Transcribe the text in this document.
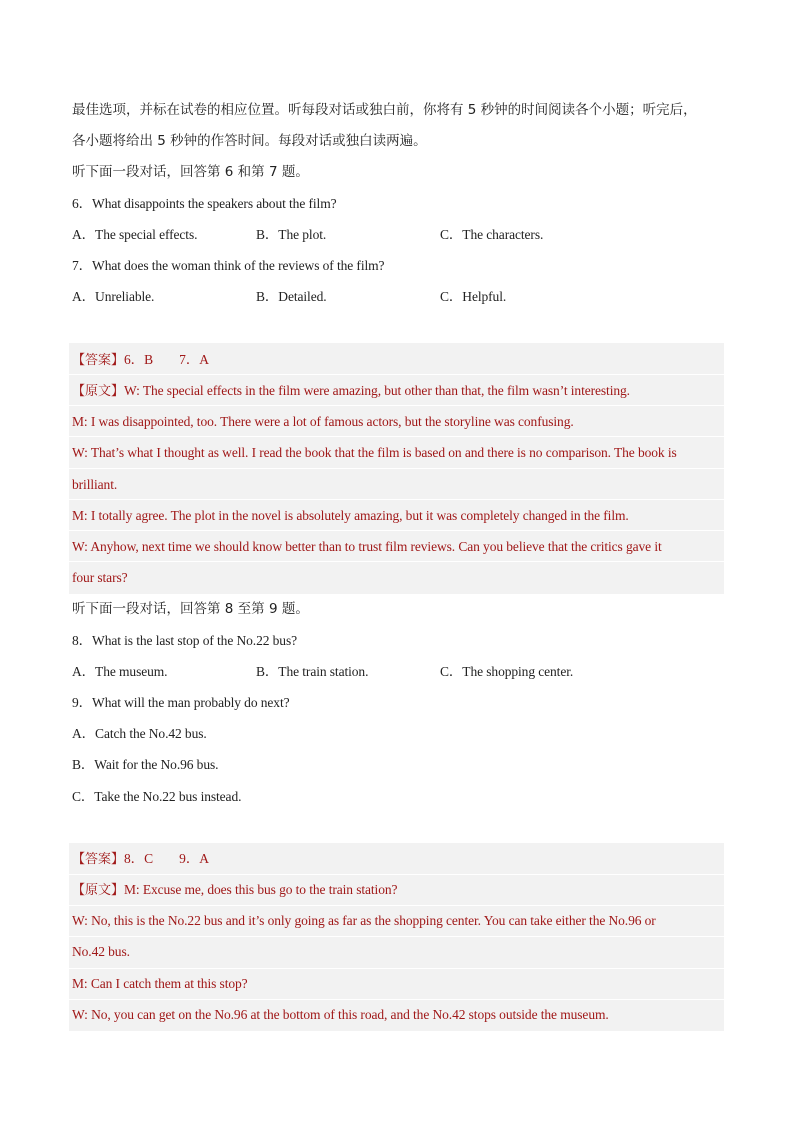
最佳选项，并标在试卷的相应位置。听每段对话或独白前，你将有 5 秒钟的时间阅读各个小题；听完后，
各小题将给出 5 秒钟的作答时间。每段对话或独白读两遍。
听下面一段对话，回答第 6 和第 7 题。
6．What disappoints the speakers about the film?
A．The special effects.	B．The plot.	C．The characters.
7．What does the woman think of the reviews of the film?
A．Unreliable.	B．Detailed.	C．Helpful.
【答案】6．B        7．A
【原文】W: The special effects in the film were amazing, but other than that, the film wasn’t interesting.
M: I was disappointed, too. There were a lot of famous actors, but the storyline was confusing.
W: That’s what I thought as well. I read the book that the film is based on and there is no comparison. The book is
brilliant.
M: I totally agree. The plot in the novel is absolutely amazing, but it was completely changed in the film.
W: Anyhow, next time we should know better than to trust film reviews. Can you believe that the critics gave it
four stars?
听下面一段对话，回答第 8 至第 9 题。
8．What is the last stop of the No.22 bus?
A．The museum.	B．The train station.	C．The shopping center.
9．What will the man probably do next?
A．Catch the No.42 bus.
B．Wait for the No.96 bus.
C．Take the No.22 bus instead.
【答案】8．C        9．A
【原文】M: Excuse me, does this bus go to the train station?
W: No, this is the No.22 bus and it’s only going as far as the shopping center. You can take either the No.96 or
No.42 bus.
M: Can I catch them at this stop?
W: No, you can get on the No.96 at the bottom of this road, and the No.42 stops outside the museum.
